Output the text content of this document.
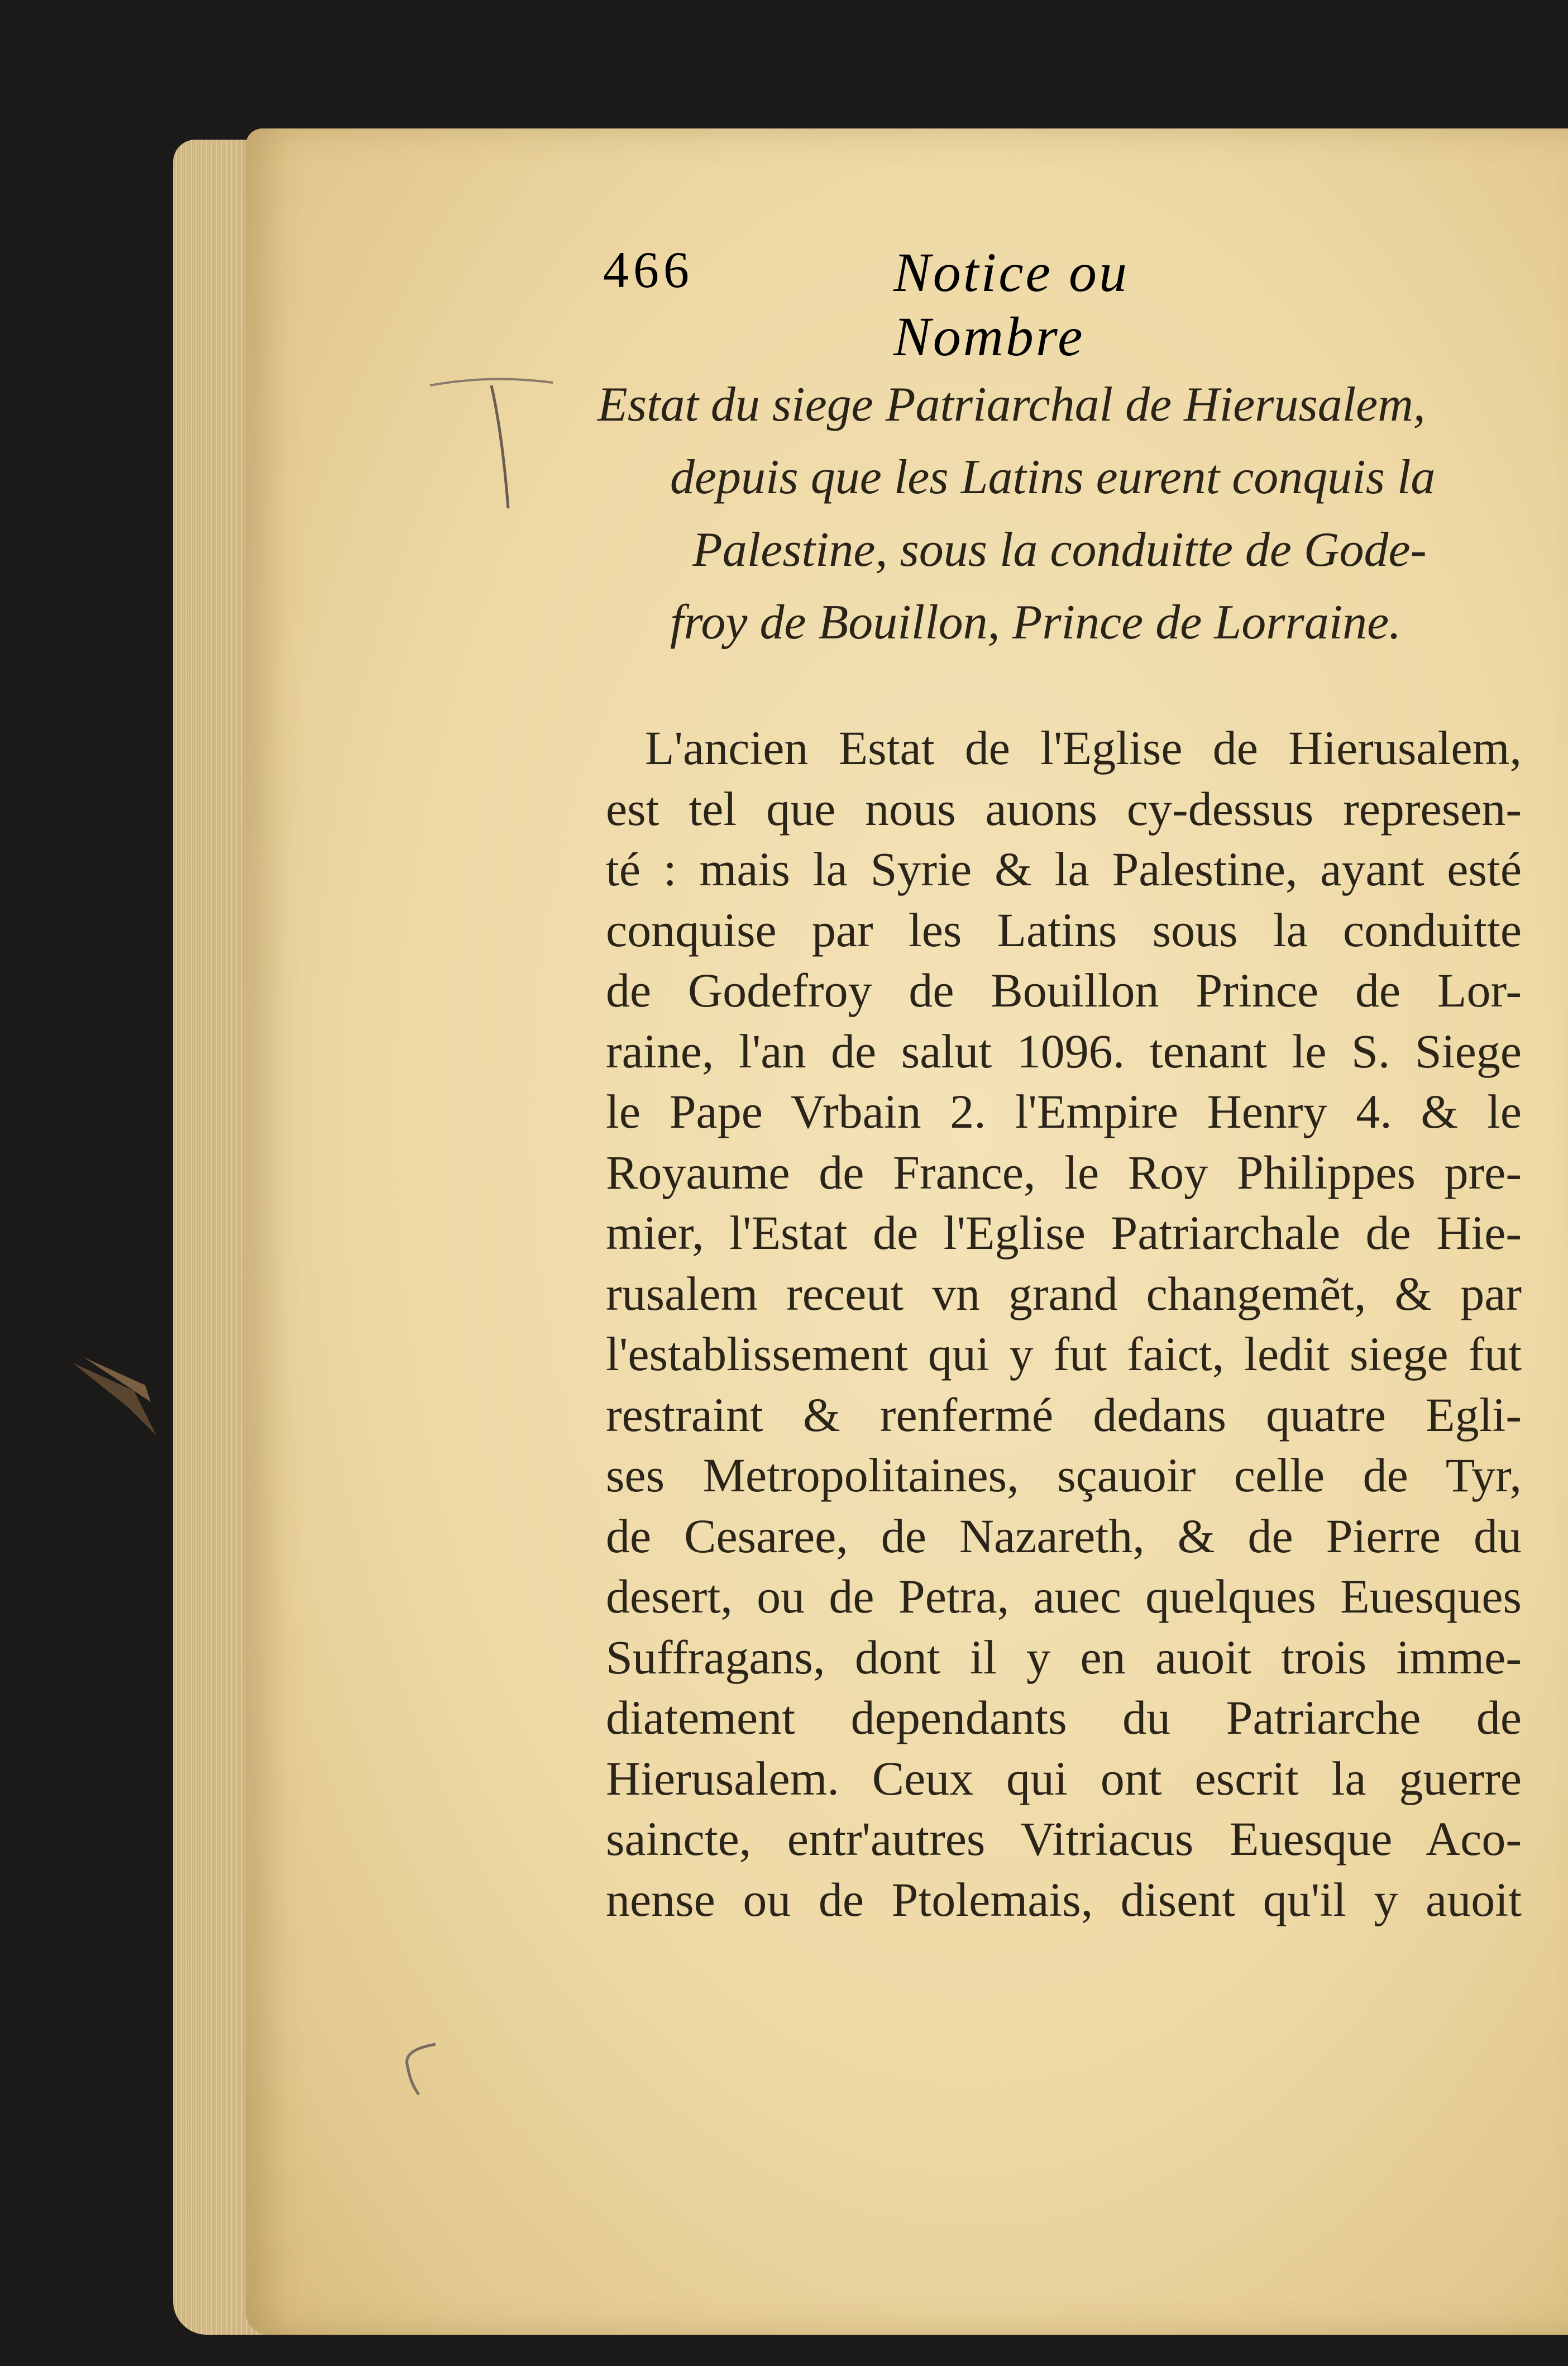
466	Notice ou Nombre
Estat du siege Patriarchal de Hierusalem,
depuis que les Latins eurent conquis la
Palestine, sous la conduitte de Gode-
froy de Bouillon, Prince de Lorraine.
L'ancien Estat de l'Eglise de Hierusalem,
est tel que nous auons cy-dessus represen-
té : mais la Syrie & la Palestine, ayant esté
conquise par les Latins sous la conduitte
de Godefroy de Bouillon Prince de Lor-
raine, l'an de salut 1096. tenant le S. Siege
le Pape Vrbain 2. l'Empire Henry 4. & le
Royaume de France, le Roy Philippes pre-
mier, l'Estat de l'Eglise Patriarchale de Hie-
rusalem receut vn grand changemẽt, & par
l'establissement qui y fut faict, ledit siege fut
restraint & renfermé dedans quatre Egli-
ses Metropolitaines, sçauoir celle de Tyr,
de Cesaree, de Nazareth, & de Pierre du
desert, ou de Petra, auec quelques Euesques
Suffragans, dont il y en auoit trois imme-
diatement dependants du Patriarche de
Hierusalem. Ceux qui ont escrit la guerre
saincte, entr'autres Vitriacus Euesque Aco-
nense ou de Ptolemais, disent qu'il y auoit
